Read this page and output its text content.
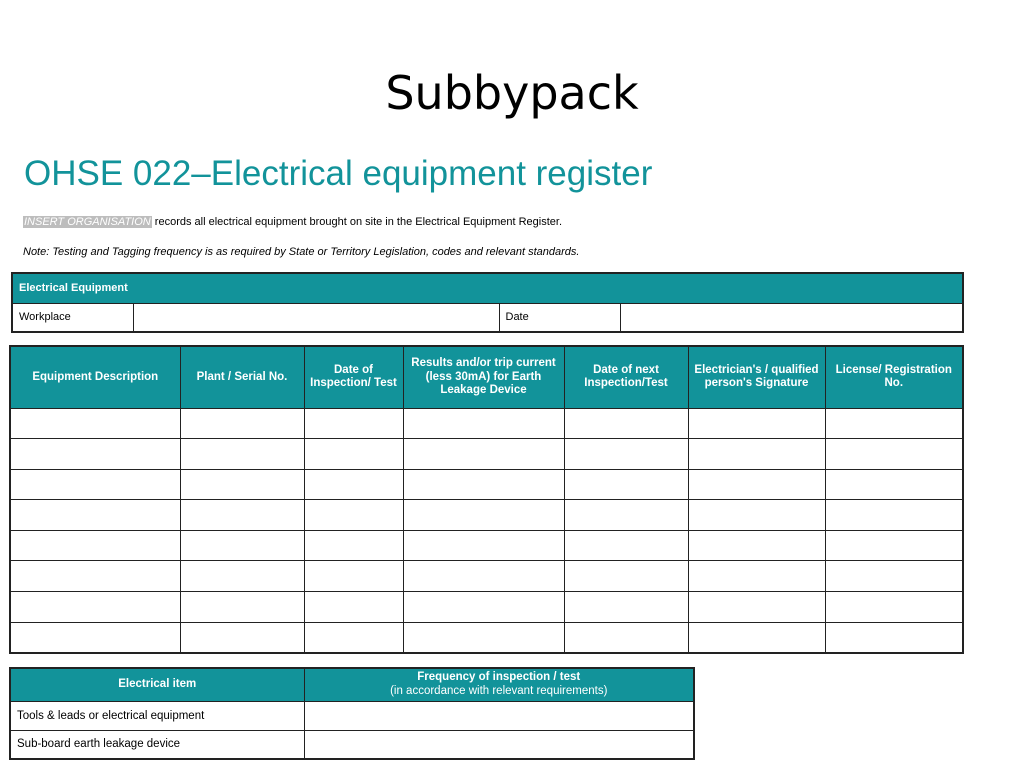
Subbypack
OHSE 022–Electrical equipment register
INSERT ORGANISATION records all electrical equipment brought on site in the Electrical Equipment Register.
Note: Testing and Tagging frequency is as required by State or Territory Legislation, codes and relevant standards.
Electrical Equipment
Workplace		Date	
Equipment Description	Plant / Serial No.	Date of Inspection/ Test	Results and/or trip current (less 30mA) for Earth Leakage Device	Date of next Inspection/Test	Electrician's / qualified person's Signature	License/ Registration No.

Electrical item	Frequency of inspection / test
(in accordance with relevant requirements)

Tools & leads or electrical equipment	
Sub-board earth leakage device	
